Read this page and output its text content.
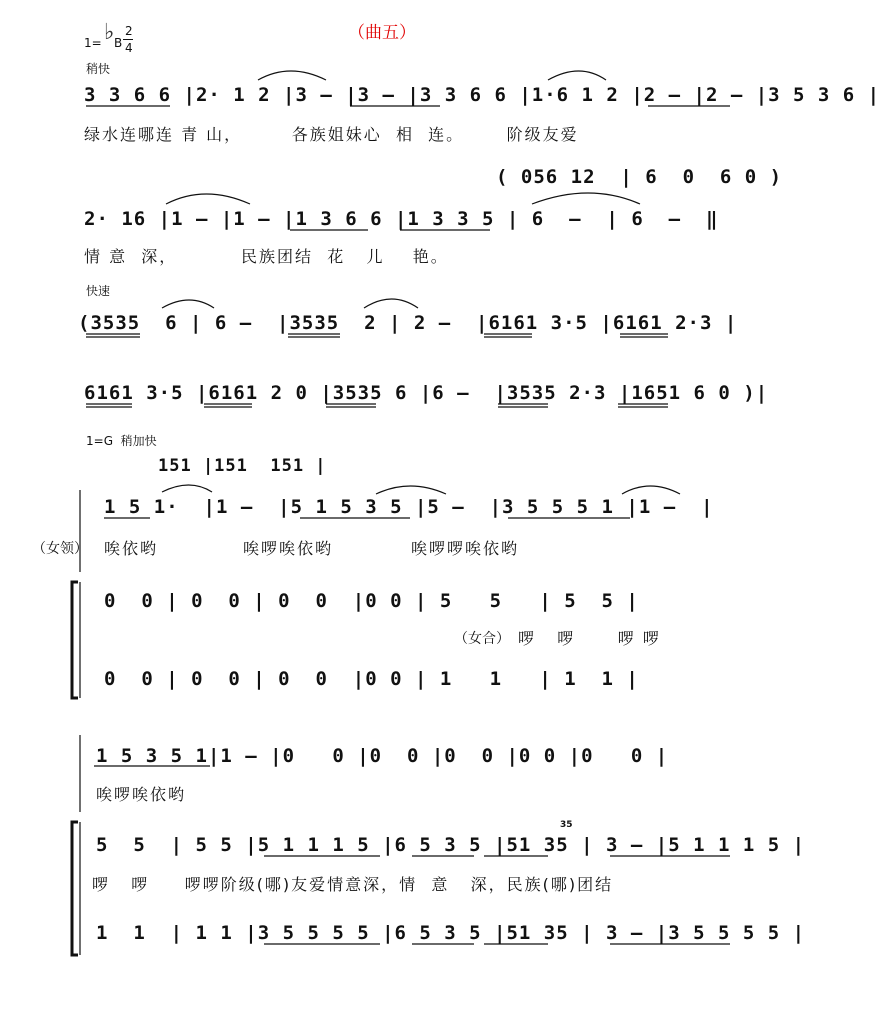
1= ♭ B
2
4
（曲五）
稍快
3 3 6 6 |2· 1 2 |3 – |3 – |3 3 6 6 |1·6 1 2 |2 – |2 – |3 5 3 6 |
绿水连哪连 青 山，       各族姐妹心  相  连。      阶级友爱
( 056 12  | 6  0  6 0 )
2· 16 |1 – |1 – |1 3 6 6 |1 3 3 5 | 6  –  | 6  –  ‖
情 意  深，         民族团结  花   儿    艳。
快速
(3535  6 | 6 –  |3535  2 | 2 –  |6161 3·5 |6161 2·3 |
6161 3·5 |6161 2 0 |3535 6 |6 –  |3535 2·3 |1651 6 0 )|
1=G  稍加快
151 |151  151 |
1 5 1·  |1 –  |5 1 5 3 5 |5 –  |3 5 5 5 1 |1 –  |
唉依哟            唉啰唉依哟           唉啰啰唉依哟
（女领）
0  0 | 0  0 | 0  0  |0 0 | 5   5   | 5  5 |
（女合） 啰   啰      啰 啰
0  0 | 0  0 | 0  0  |0 0 | 1   1   | 1  1 |
1 5 3 5 1|1 – |0   0 |0  0 |0  0 |0 0 |0   0 |
唉啰唉依哟
35
5  5  | 5 5 |5 1 1 1 5 |6 5 3 5 |51 35 | 3 – |5 1 1 1 5 |
啰   啰     啰啰阶级(哪)友爱情意深，情  意   深，民族(哪)团结
1  1  | 1 1 |3 5 5 5 5 |6 5 3 5 |51 35 | 3 – |3 5 5 5 5 |
